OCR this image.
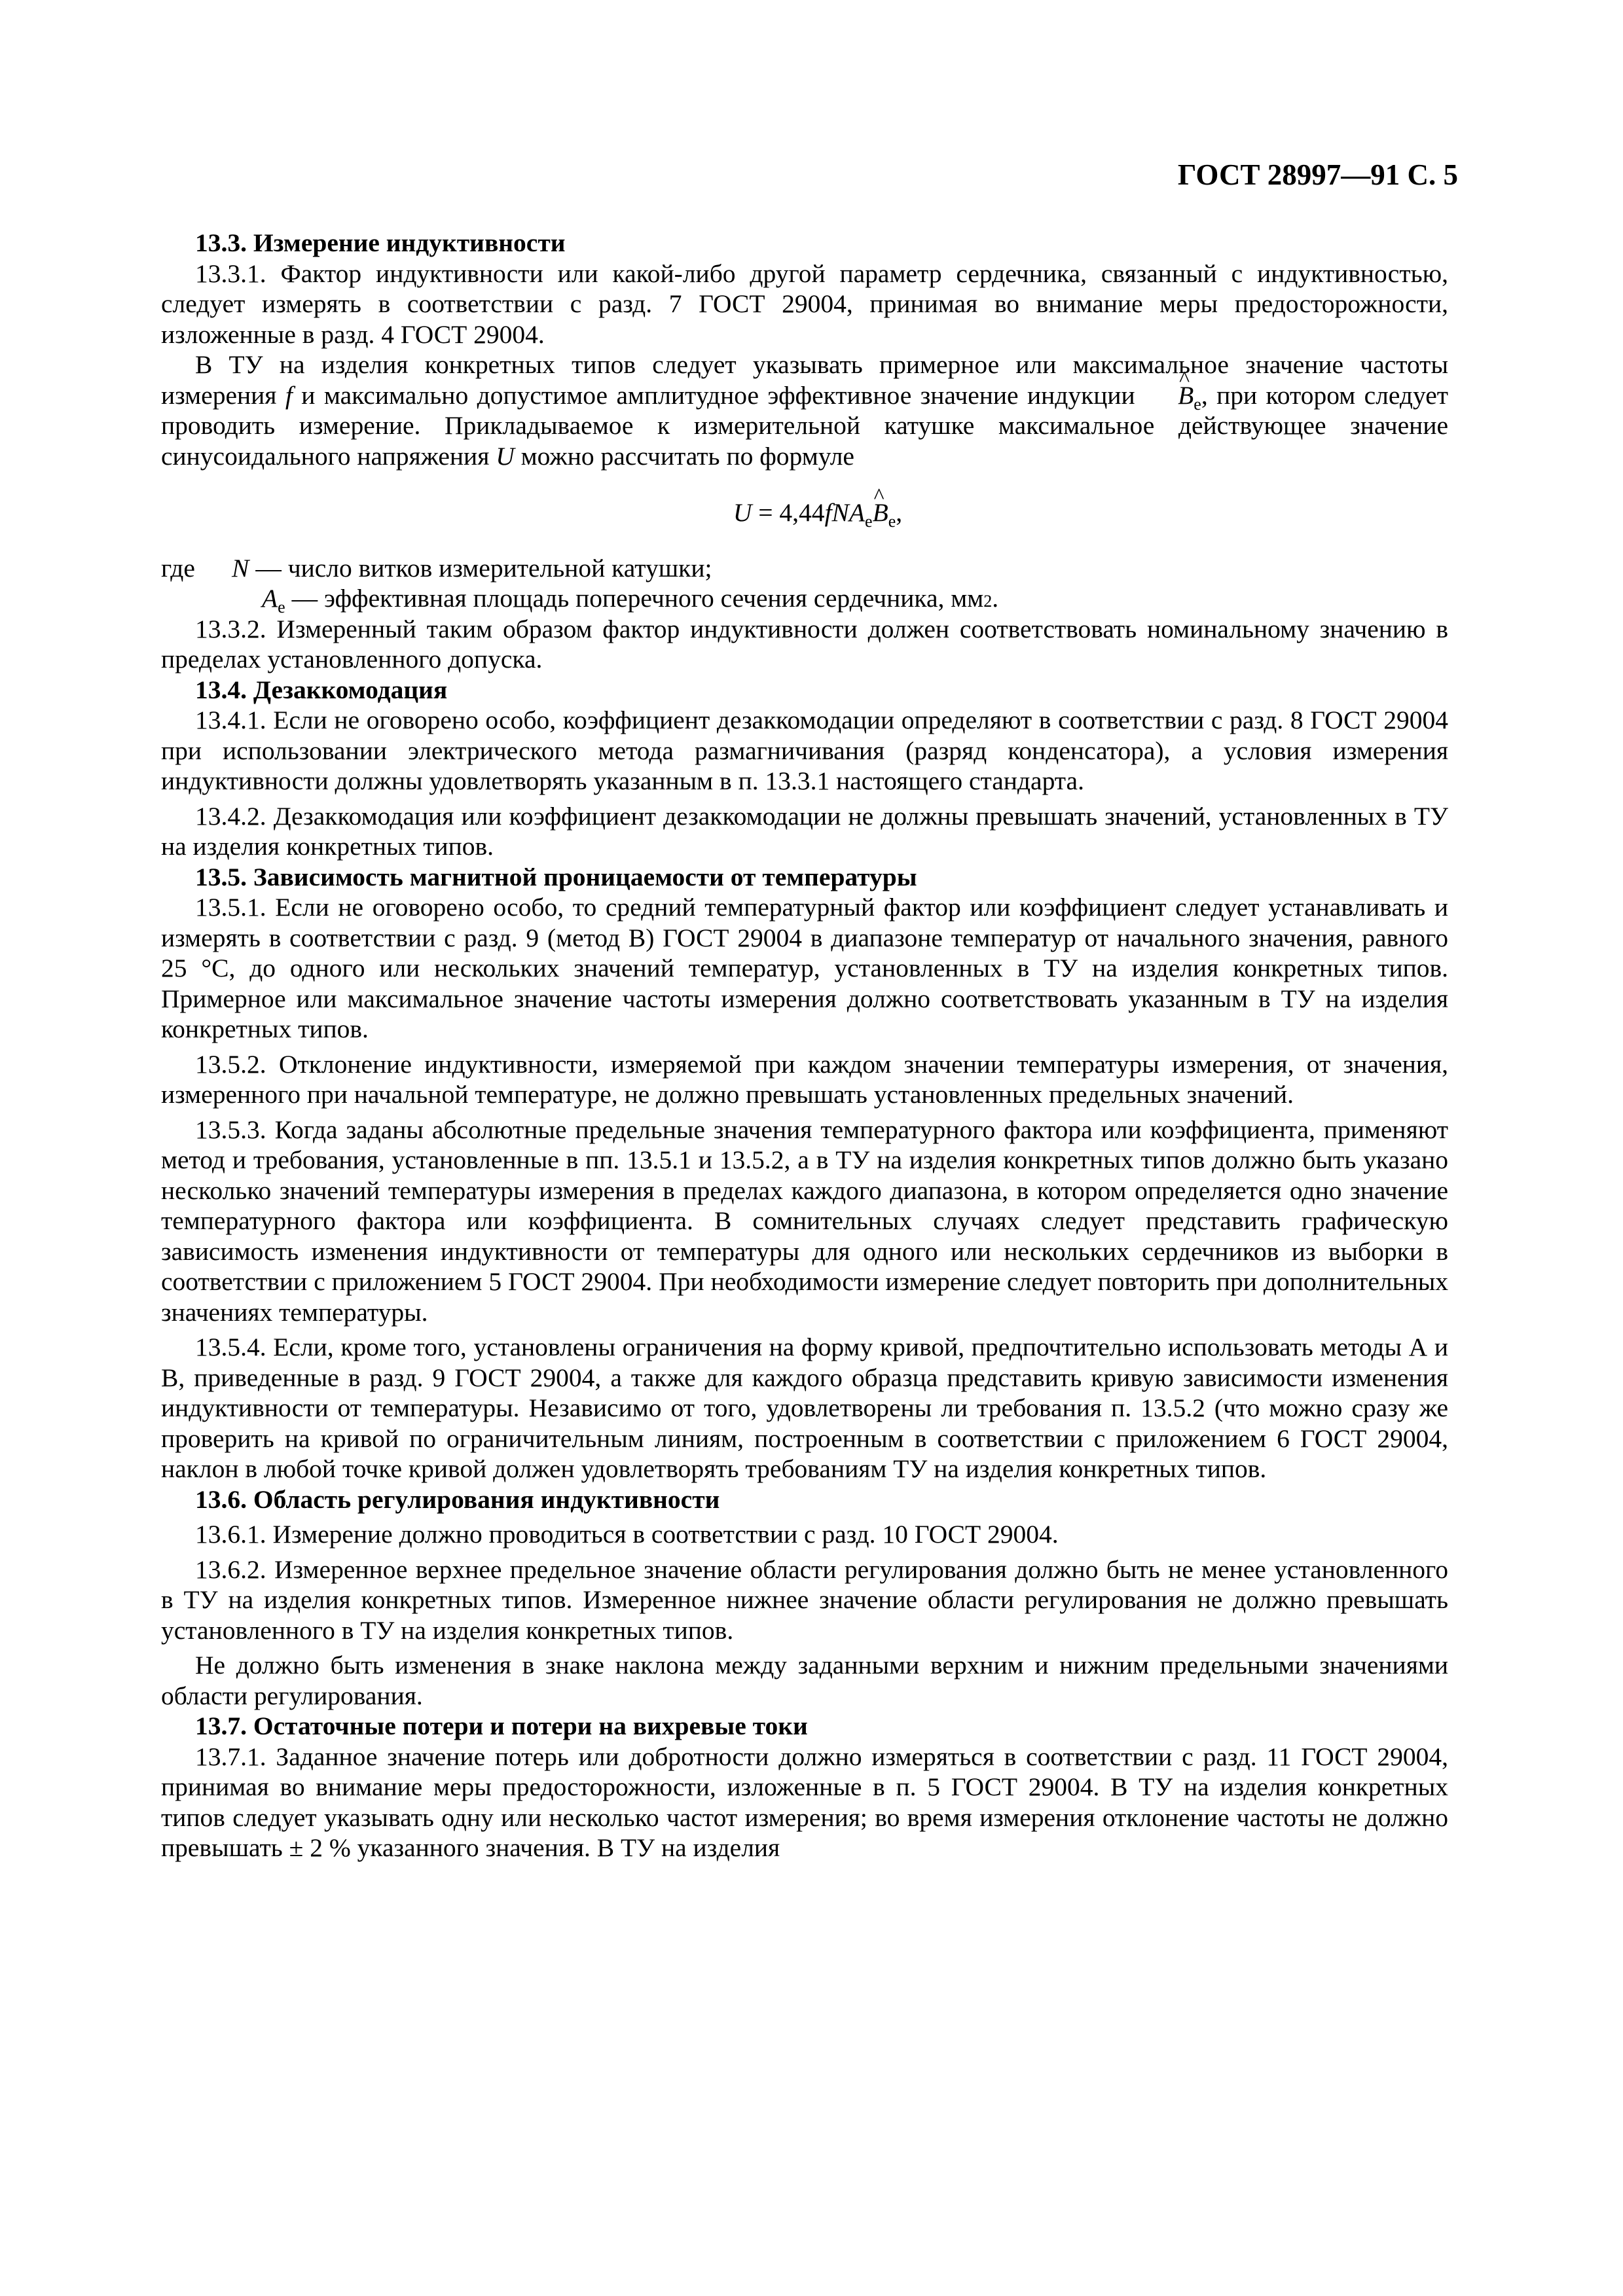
ГОСТ 28997—91 С. 5
13.3. Измерение индуктивности

13.3.1. Фактор индуктивности или какой-либо другой параметр сердечника, связанный с индуктивностью, следует измерять в соответствии с разд. 7 ГОСТ 29004, принимая во внимание меры предосторожности, изложенные в разд. 4 ГОСТ 29004.

В ТУ на изделия конкретных типов следует указывать примерное или максимальное значение частоты измерения f и максимально допустимое амплитудное эффективное значение индукции ^ $B_e$, при котором следует проводить измерение. Прикладываемое к измерительной катушке максимальное действующее значение синусоидального напряжения U можно рассчитать по формуле

U = 4,44fNA$_e$^ $B_e$,
где	N — число витков измерительной катушки;
$A_e$
— эффективная площадь поперечного сечения сердечника, мм 2 .

13.3.2. Измеренный таким образом фактор индуктивности должен соответствовать номинальному значению в пределах установленного допуска.

13.4. Дезаккомодация

13.4.1. Если не оговорено особо, коэффициент дезаккомодации определяют в соответствии с разд. 8 ГОСТ 29004 при использовании электрического метода размагничивания (разряд конденсатора), а условия измерения индуктивности должны удовлетворять указанным в п. 13.3.1 настоящего стандарта.

13.4.2. Дезаккомодация или коэффициент дезаккомодации не должны превышать значений, установленных в ТУ на изделия конкретных типов.

13.5. Зависимость магнитной проницаемости от температуры

13.5.1. Если не оговорено особо, то средний температурный фактор или коэффициент следует устанавливать и измерять в соответствии с разд. 9 (метод В) ГОСТ 29004 в диапазоне температур от начального значения, равного 25 °С, до одного или нескольких значений температур, установленных в ТУ на изделия конкретных типов. Примерное или максимальное значение частоты измерения должно соответствовать указанным в ТУ на изделия конкретных типов.

13.5.2. Отклонение индуктивности, измеряемой при каждом значении температуры измерения, от значения, измеренного при начальной температуре, не должно превышать установленных предельных значений.

13.5.3. Когда заданы абсолютные предельные значения температурного фактора или коэффициента, применяют метод и требования, установленные в пп. 13.5.1 и 13.5.2, а в ТУ на изделия конкретных типов должно быть указано несколько значений температуры измерения в пределах каждого диапазона, в котором определяется одно значение температурного фактора или коэффициента. В сомнительных случаях следует представить графическую зависимость изменения индуктивности от температуры для одного или нескольких сердечников из выборки в соответствии с приложением 5 ГОСТ 29004. При необходимости измерение следует повторить при дополнительных значениях температуры.

13.5.4. Если, кроме того, установлены ограничения на форму кривой, предпочтительно использовать методы А и В, приведенные в разд. 9 ГОСТ 29004, а также для каждого образца представить кривую зависимости изменения индуктивности от температуры. Независимо от того, удовлетворены ли требования п. 13.5.2 (что можно сразу же проверить на кривой по ограничительным линиям, построенным в соответствии с приложением 6 ГОСТ 29004, наклон в любой точке кривой должен удовлетворять требованиям ТУ на изделия конкретных типов.

13.6. Область регулирования индуктивности

13.6.1. Измерение должно проводиться в соответствии с разд. 10 ГОСТ 29004.

13.6.2. Измеренное верхнее предельное значение области регулирования должно быть не менее установленного в ТУ на изделия конкретных типов. Измеренное нижнее значение области регулирования не должно превышать установленного в ТУ на изделия конкретных типов.

Не должно быть изменения в знаке наклона между заданными верхним и нижним предельными значениями области регулирования.

13.7. Остаточные потери и потери на вихревые токи

13.7.1. Заданное значение потерь или добротности должно измеряться в соответствии с разд. 11 ГОСТ 29004, принимая во внимание меры предосторожности, изложенные в п. 5 ГОСТ 29004. В ТУ на изделия конкретных типов следует указывать одну или несколько частот измерения; во время измерения отклонение частоты не должно превышать ± 2 % указанного значения. В ТУ на изделия
